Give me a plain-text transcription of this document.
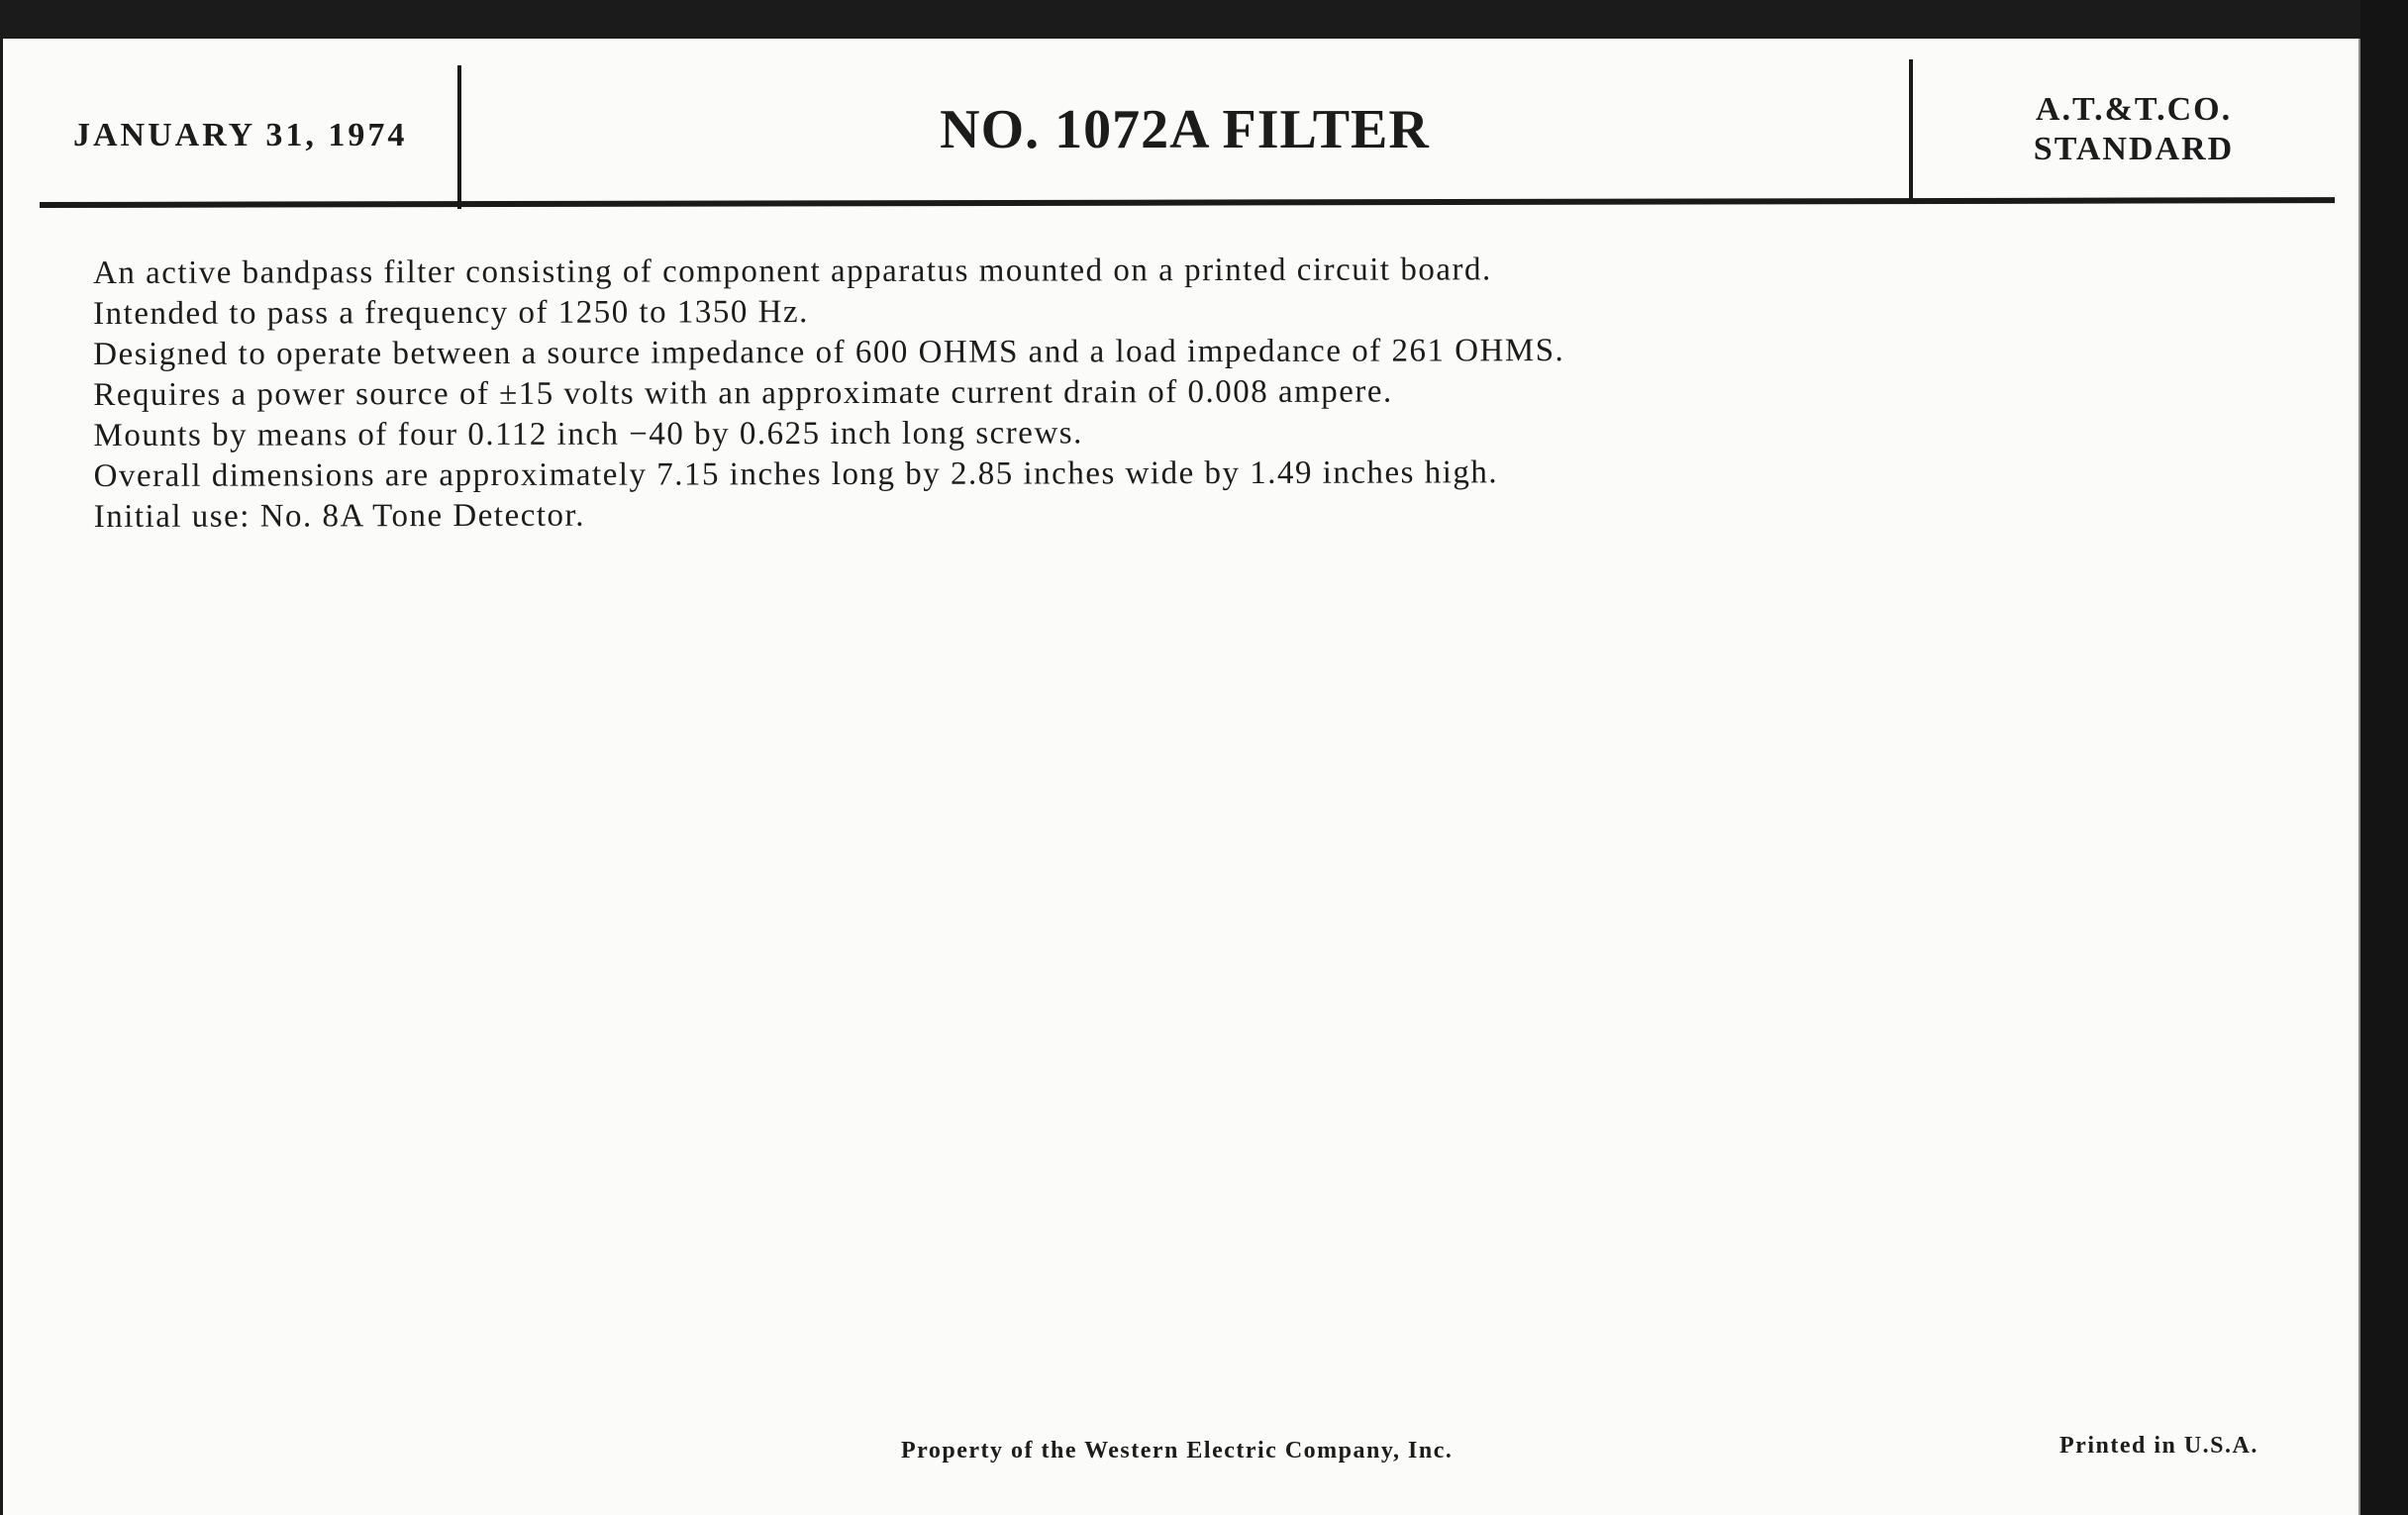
JANUARY 31, 1974	NO. 1072A FILTER	A.T.&T.CO.
STANDARD
An active bandpass filter consisting of component apparatus mounted on a printed circuit board.
Intended to pass a frequency of 1250 to 1350 Hz.
Designed to operate between a source impedance of 600 OHMS and a load impedance of 261 OHMS.
Requires a power source of ±15 volts with an approximate current drain of 0.008 ampere.
Mounts by means of four 0.112 inch −40 by 0.625 inch long screws.
Overall dimensions are approximately 7.15 inches long by 2.85 inches wide by 1.49 inches high.
Initial use: No. 8A Tone Detector.
Property of the Western Electric Company, Inc.	Printed in U.S.A.
